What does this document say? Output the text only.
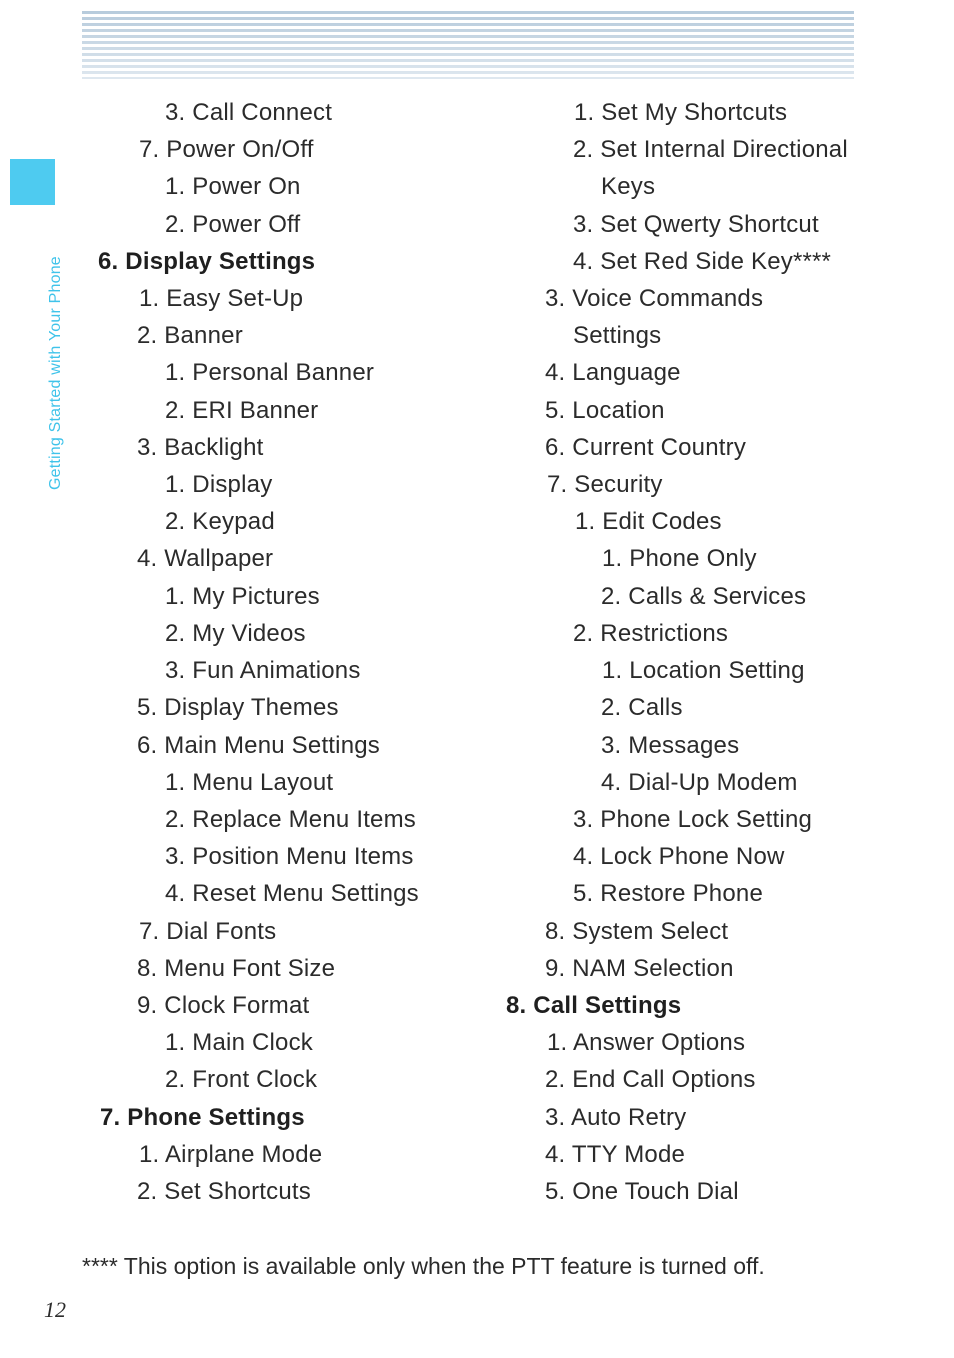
Getting Started with Your Phone
3. Call Connect
7. Power On/Off
1. Power On
2. Power Off
6. Display Settings
1. Easy Set-Up
2. Banner
1. Personal Banner
2. ERI Banner
3. Backlight
1. Display
2. Keypad
4. Wallpaper
1. My Pictures
2. My Videos
3. Fun Animations
5. Display Themes
6. Main Menu Settings
1. Menu Layout
2. Replace Menu Items
3. Position Menu Items
4. Reset Menu Settings
7. Dial Fonts
8. Menu Font Size
9. Clock Format
1. Main Clock
2. Front Clock
7. Phone Settings
1. Airplane Mode
2. Set Shortcuts
1. Set My Shortcuts
2. Set Internal Directional
Keys
3. Set Qwerty Shortcut
4. Set Red Side Key****
3. Voice Commands
Settings
4. Language
5. Location
6. Current Country
7. Security
1. Edit Codes
1. Phone Only
2. Calls & Services
2. Restrictions
1. Location Setting
2. Calls
3. Messages
4. Dial-Up Modem
3. Phone Lock Setting
4. Lock Phone Now
5. Restore Phone
8. System Select
9. NAM Selection
8. Call Settings
1. Answer Options
2. End Call Options
3. Auto Retry
4. TTY Mode
5. One Touch Dial
**** This option is available only when the PTT feature is turned off.
12
